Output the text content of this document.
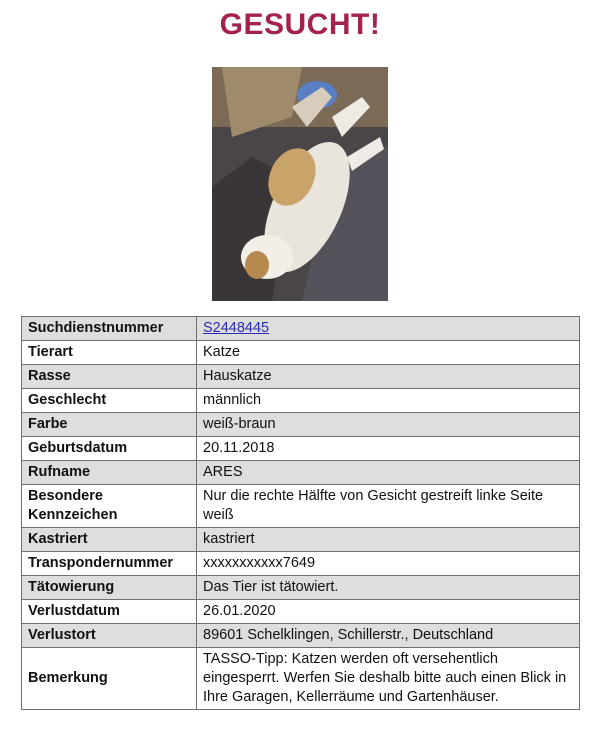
GESUCHT!
Suchdienstnummer	S2448445
Tierart	Katze
Rasse	Hauskatze
Geschlecht	männlich
Farbe	weiß-braun
Geburtsdatum	20.11.2018
Rufname	ARES
Besondere Kennzeichen	Nur die rechte Hälfte von Gesicht gestreift linke Seite weiß
Kastriert	kastriert
Transpondernummer	xxxxxxxxxxx7649
Tätowierung	Das Tier ist tätowiert.
Verlustdatum	26.01.2020
Verlustort	89601 Schelklingen, Schillerstr., Deutschland
Bemerkung	TASSO-Tipp: Katzen werden oft versehentlich eingesperrt. Werfen Sie deshalb bitte auch einen Blick in Ihre Garagen, Kellerräume und Gartenhäuser.
